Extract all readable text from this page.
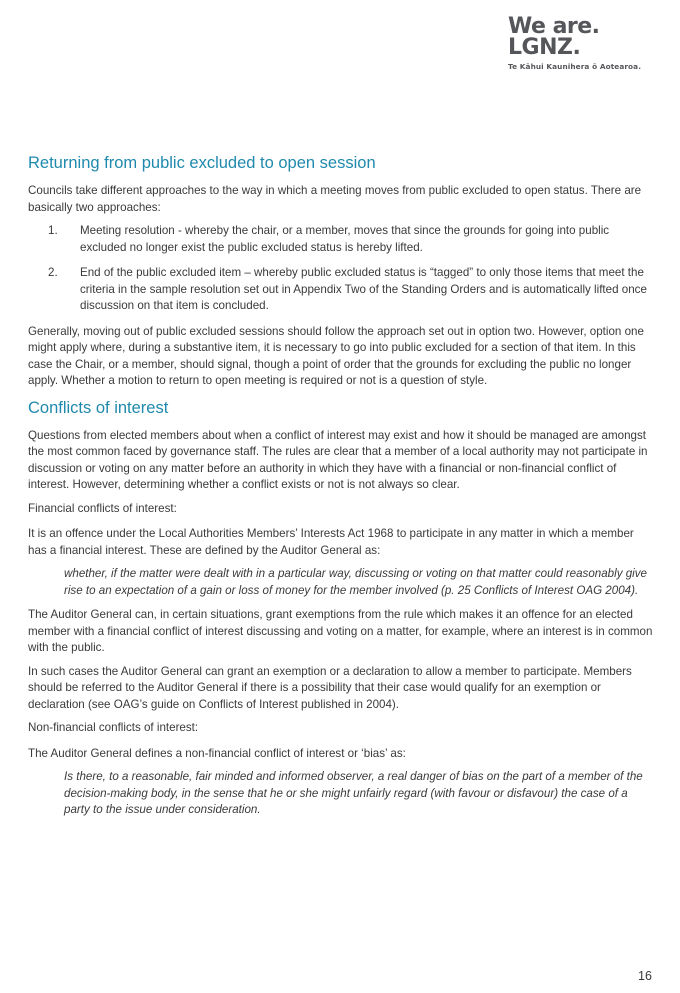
We are.
LGNZ.
Te Kāhui Kaunihera ō Aotearoa.
Returning from public excluded to open session

Councils take different approaches to the way in which a meeting moves from public excluded to open status. There are basically two approaches:

1.	Meeting resolution - whereby the chair, or a member, moves that since the grounds for going into public excluded no longer exist the public excluded status is hereby lifted.
2.	End of the public excluded item – whereby public excluded status is “tagged” to only those items that meet the criteria in the sample resolution set out in Appendix Two of the Standing Orders and is automatically lifted once discussion on that item is concluded.

Generally, moving out of public excluded sessions should follow the approach set out in option two. However, option one might apply where, during a substantive item, it is necessary to go into public excluded for a section of that item. In this case the Chair, or a member, should signal, though a point of order that the grounds for excluding the public no longer apply. Whether a motion to return to open meeting is required or not is a question of style.

Conflicts of interest

Questions from elected members about when a conflict of interest may exist and how it should be managed are amongst the most common faced by governance staff. The rules are clear that a member of a local authority may not participate in discussion or voting on any matter before an authority in which they have with a financial or non-financial conflict of interest. However, determining whether a conflict exists or not is not always so clear.

Financial conflicts of interest:

It is an offence under the Local Authorities Members’ Interests Act 1968 to participate in any matter in which a member has a financial interest. These are defined by the Auditor General as:

whether, if the matter were dealt with in a particular way, discussing or voting on that matter could reasonably give rise to an expectation of a gain or loss of money for the member involved (p. 25 Conflicts of Interest OAG 2004).

The Auditor General can, in certain situations, grant exemptions from the rule which makes it an offence for an elected member with a financial conflict of interest discussing and voting on a matter, for example, where an interest is in common with the public.

In such cases the Auditor General can grant an exemption or a declaration to allow a member to participate. Members should be referred to the Auditor General if there is a possibility that their case would qualify for an exemption or declaration (see OAG’s guide on Conflicts of Interest published in 2004).

Non-financial conflicts of interest:

The Auditor General defines a non-financial conflict of interest or ‘bias’ as:

Is there, to a reasonable, fair minded and informed observer, a real danger of bias on the part of a member of the decision-making body, in the sense that he or she might unfairly regard (with favour or disfavour) the case of a party to the issue under consideration.

16
